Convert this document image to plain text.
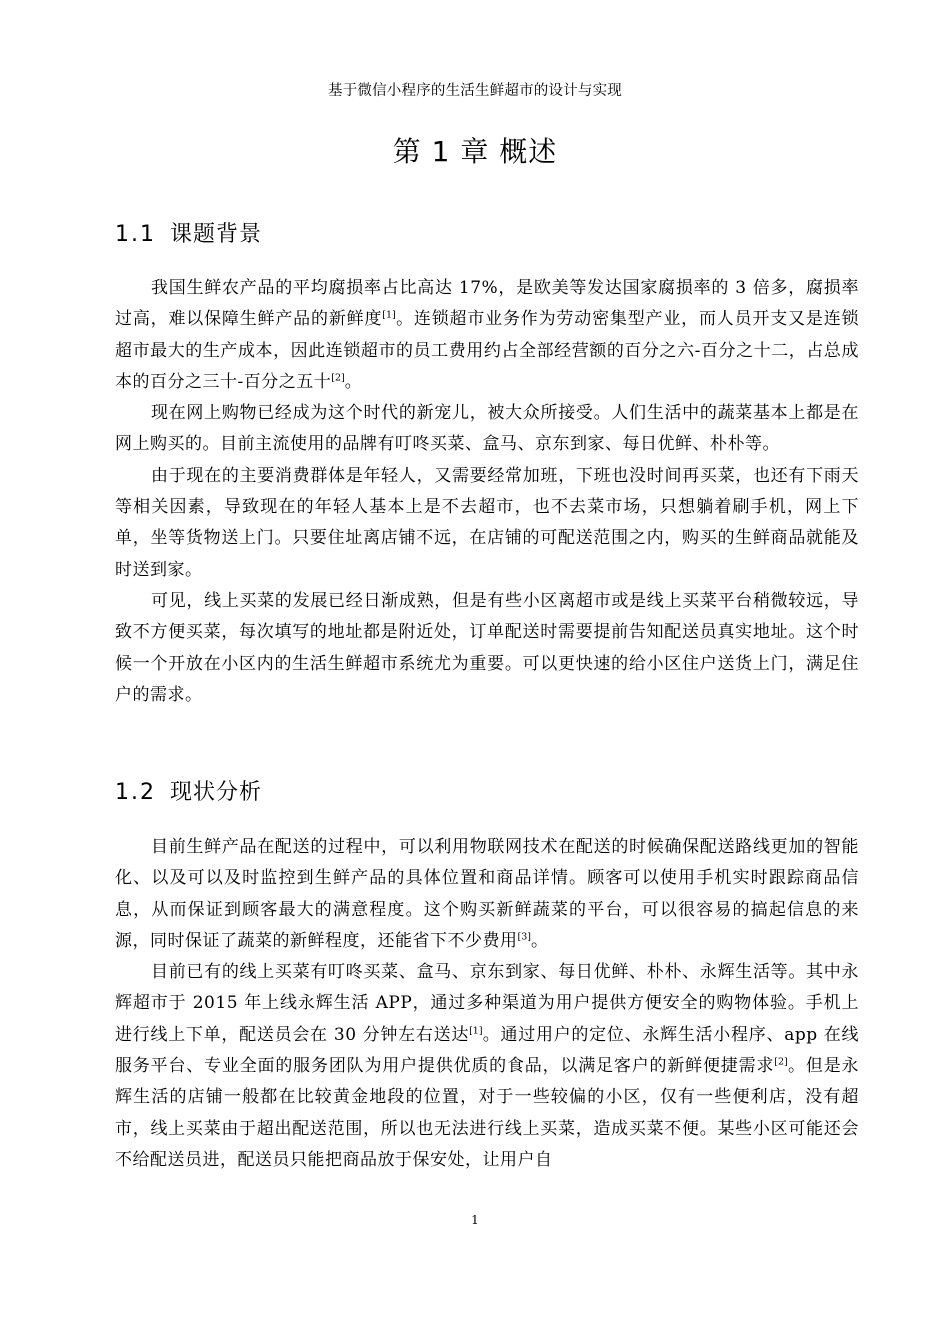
基于微信小程序的生活生鲜超市的设计与实现
第 1 章 概述
1.1 课题背景

我国生鲜农产品的平均腐损率占比高达 17%，是欧美等发达国家腐损率的 3 倍多，腐损率过高，难以保障生鲜产品的新鲜度[1]。连锁超市业务作为劳动密集型产业，而人员开支又是连锁超市最大的生产成本，因此连锁超市的员工费用约占全部经营额的百分之六-百分之十二，占总成本的百分之三十-百分之五十[2]。

现在网上购物已经成为这个时代的新宠儿，被大众所接受。人们生活中的蔬菜基本上都是在网上购买的。目前主流使用的品牌有叮咚买菜、盒马、京东到家、每日优鲜、朴朴等。

由于现在的主要消费群体是年轻人，又需要经常加班，下班也没时间再买菜，也还有下雨天等相关因素，导致现在的年轻人基本上是不去超市，也不去菜市场，只想躺着刷手机，网上下单，坐等货物送上门。只要住址离店铺不远，在店铺的可配送范围之内，购买的生鲜商品就能及时送到家。

可见，线上买菜的发展已经日渐成熟，但是有些小区离超市或是线上买菜平台稍微较远，导致不方便买菜，每次填写的地址都是附近处，订单配送时需要提前告知配送员真实地址。这个时候一个开放在小区内的生活生鲜超市系统尤为重要。可以更快速的给小区住户送货上门，满足住户的需求。

1.2 现状分析

目前生鲜产品在配送的过程中，可以利用物联网技术在配送的时候确保配送路线更加的智能化、以及可以及时监控到生鲜产品的具体位置和商品详情。顾客可以使用手机实时跟踪商品信息，从而保证到顾客最大的满意程度。这个购买新鲜蔬菜的平台，可以很容易的搞起信息的来源，同时保证了蔬菜的新鲜程度，还能省下不少费用[3]。

目前已有的线上买菜有叮咚买菜、盒马、京东到家、每日优鲜、朴朴、永辉生活等。其中永辉超市于 2015 年上线永辉生活 APP，通过多种渠道为用户提供方便安全的购物体验。手机上进行线上下单，配送员会在 30 分钟左右送达[1]。通过用户的定位、永辉生活小程序、app 在线服务平台、专业全面的服务团队为用户提供优质的食品，以满足客户的新鲜便捷需求[2]。但是永辉生活的店铺一般都在比较黄金地段的位置，对于一些较偏的小区，仅有一些便利店，没有超市，线上买菜由于超出配送范围，所以也无法进行线上买菜，造成买菜不便。某些小区可能还会不给配送员进，配送员只能把商品放于保安处，让用户自

1
